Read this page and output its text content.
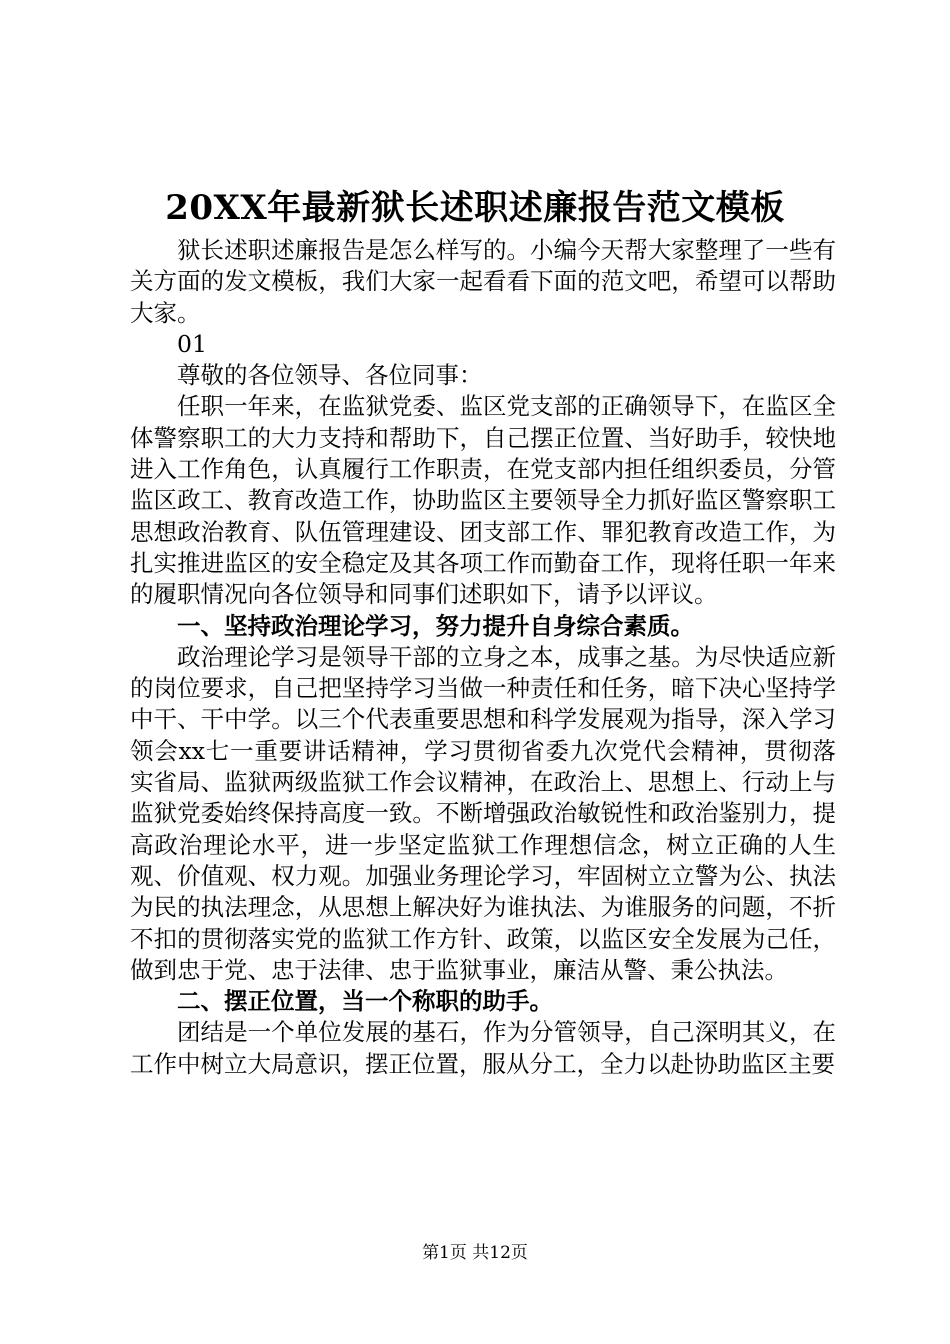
20XX年最新狱长述职述廉报告范文模板

狱长述职述廉报告是怎么样写的。小编今天帮大家整理了一些有关方面的发文模板，我们大家一起看看下面的范文吧，希望可以帮助大家。

01

尊敬的各位领导、各位同事：

任职一年来，在监狱党委、监区党支部的正确领导下，在监区全体警察职工的大力支持和帮助下，自己摆正位置、当好助手，较快地进入工作角色，认真履行工作职责，在党支部内担任组织委员，分管监区政工、教育改造工作，协助监区主要领导全力抓好监区警察职工思想政治教育、队伍管理建设、团支部工作、罪犯教育改造工作，为扎实推进监区的安全稳定及其各项工作而勤奋工作，现将任职一年来的履职情况向各位领导和同事们述职如下，请予以评议。

一、坚持政治理论学习，努力提升自身综合素质。

政治理论学习是领导干部的立身之本，成事之基。为尽快适应新的岗位要求，自己把坚持学习当做一种责任和任务，暗下决心坚持学中干、干中学。以三个代表重要思想和科学发展观为指导，深入学习领会xx七一重要讲话精神，学习贯彻省委九次党代会精神，贯彻落实省局、监狱两级监狱工作会议精神，在政治上、思想上、行动上与监狱党委始终保持高度一致。不断增强政治敏锐性和政治鉴别力，提高政治理论水平，进一步坚定监狱工作理想信念，树立正确的人生观、价值观、权力观。加强业务理论学习，牢固树立立警为公、执法为民的执法理念，从思想上解决好为谁执法、为谁服务的问题，不折不扣的贯彻落实党的监狱工作方针、政策，以监区安全发展为己任，做到忠于党、忠于法律、忠于监狱事业，廉洁从警、秉公执法。

二、摆正位置，当一个称职的助手。

团结是一个单位发展的基石，作为分管领导，自己深明其义，在工作中树立大局意识，摆正位置，服从分工，全力以赴协助监区主要

第1页 共12页
